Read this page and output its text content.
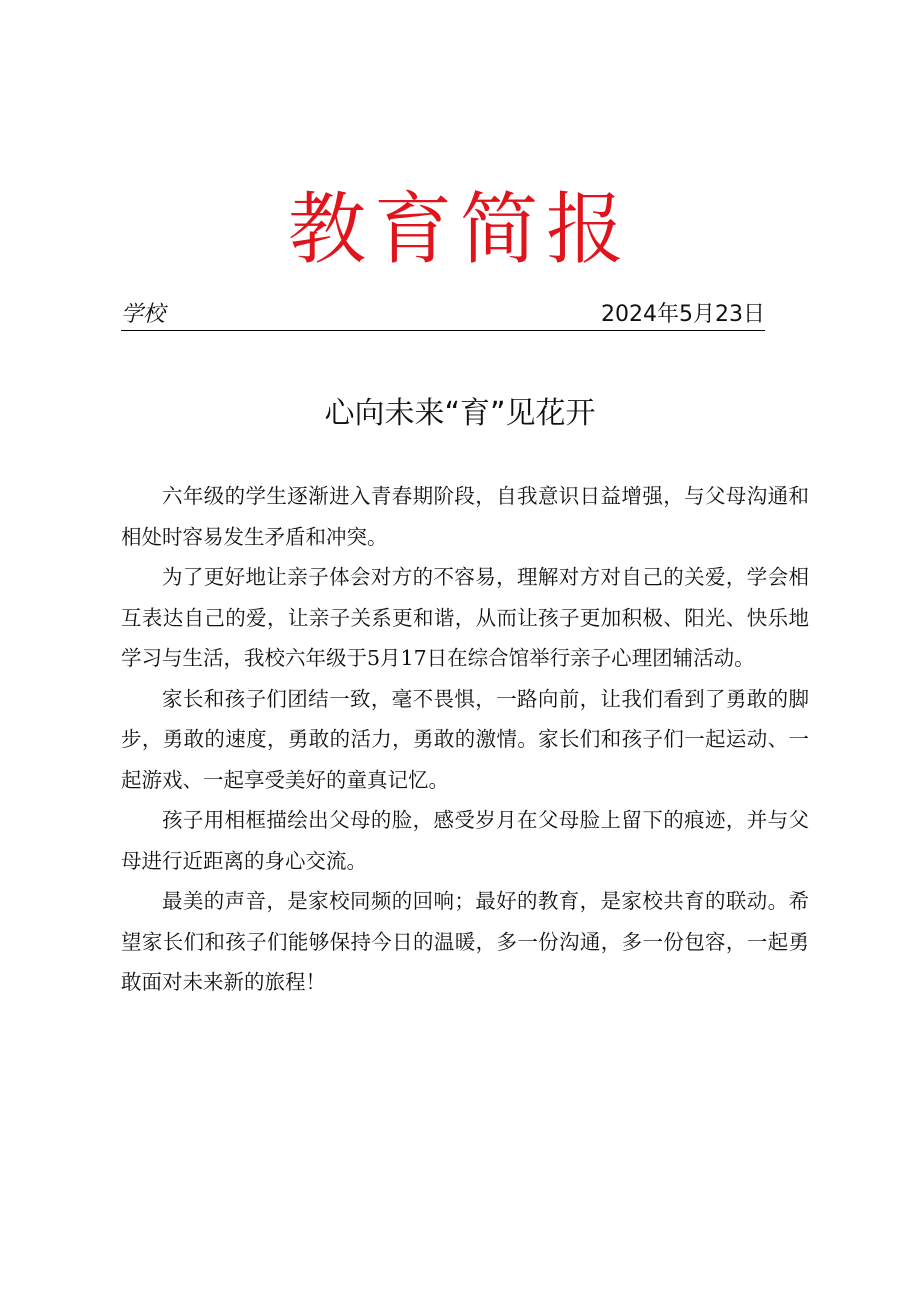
教育简报
学校	2024年5月23日
心向未来“育”见花开

六年级的学生逐渐进入青春期阶段，自我意识日益增强，与父母沟通和相处时容易发生矛盾和冲突。

为了更好地让亲子体会对方的不容易，理解对方对自己的关爱，学会相互表达自己的爱，让亲子关系更和谐，从而让孩子更加积极、阳光、快乐地学习与生活，我校六年级于5月17日在综合馆举行亲子心理团辅活动。

家长和孩子们团结一致，毫不畏惧，一路向前，让我们看到了勇敢的脚步，勇敢的速度，勇敢的活力，勇敢的激情。家长们和孩子们一起运动、一起游戏、一起享受美好的童真记忆。

孩子用相框描绘出父母的脸，感受岁月在父母脸上留下的痕迹，并与父母进行近距离的身心交流。

最美的声音，是家校同频的回响；最好的教育，是家校共育的联动。希望家长们和孩子们能够保持今日的温暖，多一份沟通，多一份包容，一起勇敢面对未来新的旅程！
